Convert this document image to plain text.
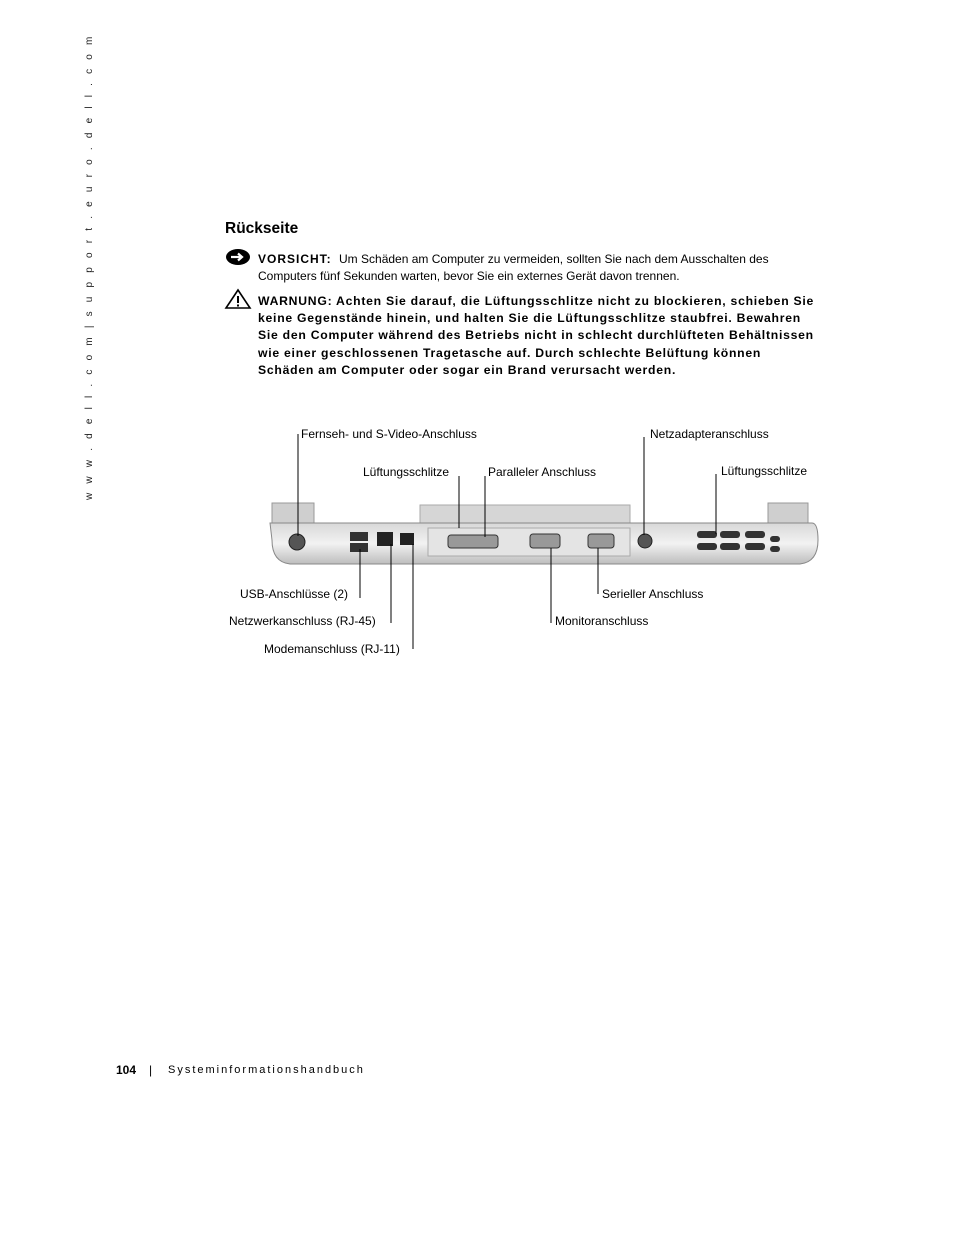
w w w . d e l l . c o m | s u p p o r t . e u r o . d e l l . c o m	Rückseite
VORSICHT: Um Schäden am Computer zu vermeiden, sollten Sie nach dem Ausschalten des Computers fünf Sekunden warten, bevor Sie ein externes Gerät davon trennen.
WARNUNG: Achten Sie darauf, die Lüftungsschlitze nicht zu blockieren, schieben Sie keine Gegenstände hinein, und halten Sie die Lüftungsschlitze staubfrei. Bewahren Sie den Computer während des Betriebs nicht in schlecht durchlüfteten Behältnissen wie einer geschlossenen Tragetasche auf. Durch schlechte Belüftung können Schäden am Computer oder sogar ein Brand verursacht werden.
Fernseh- und S-Video-Anschluss
Lüftungsschlitze	Paralleler Anschluss
Netzadapteranschluss
Lüftungsschlitze
USB-Anschlüsse (2)
Netzwerkanschluss (RJ-45)
Modemanschluss (RJ-11)
Serieller Anschluss
Monitoranschluss
104 | Systeminformationshandbuch
